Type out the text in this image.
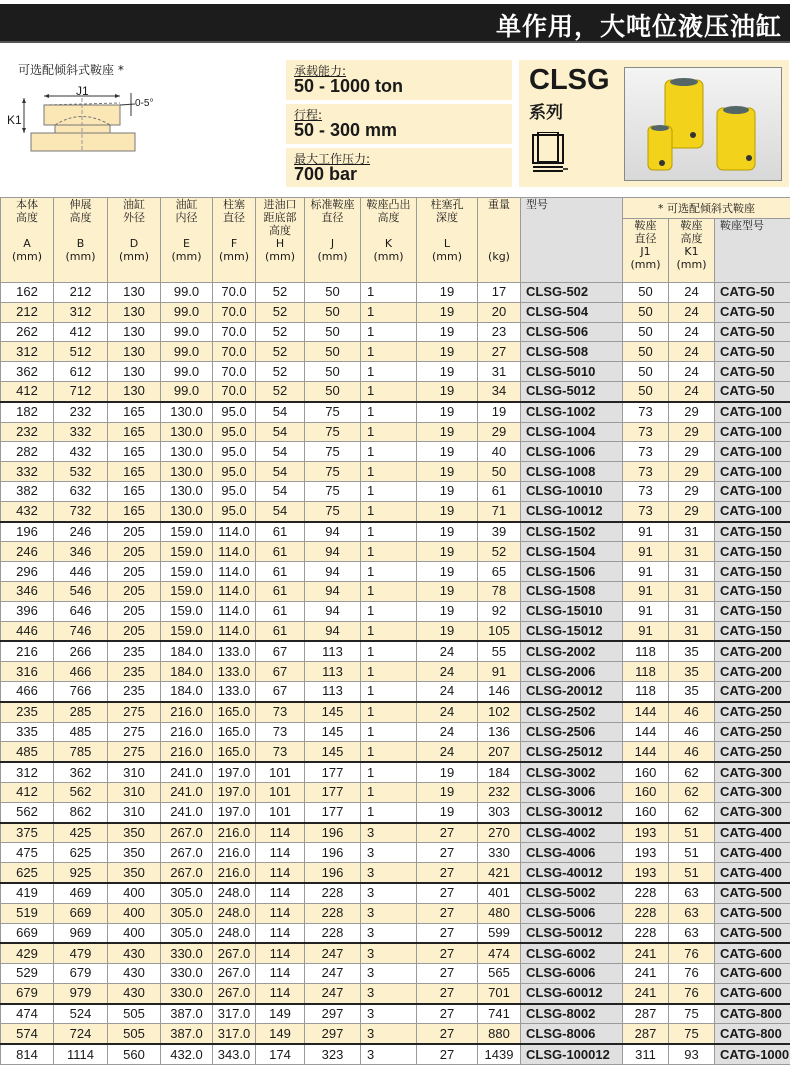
单作用，大吨位液压油缸
可选配倾斜式鞍座 *
J1
K1
0-5°
承载能力:
50 - 1000 ton
行程:
50 - 300 mm
最大工作压力:
700 bar
CLSG
系列
本体
高度

A
(mm)	伸展
高度

B
(mm)	油缸
外径

D
(mm)	油缸
内径

E
(mm)	柱塞
直径

F
(mm)	进油口
距底部
高度
H
(mm)	标准鞍座
直径

J
(mm)	鞍座凸出
高度

K
(mm)	柱塞孔
深度

L
(mm)	重量

(kg)	型号	* 可选配倾斜式鞍座		

											鞍座
直径
J1
(mm)	鞍座
高度
K1
(mm)	鞍座型号
162	212	130	99.0	70.0	52	50	1	19	17	CLSG-502	50	24	CATG-50
212	312	130	99.0	70.0	52	50	1	19	20	CLSG-504	50	24	CATG-50
262	412	130	99.0	70.0	52	50	1	19	23	CLSG-506	50	24	CATG-50
312	512	130	99.0	70.0	52	50	1	19	27	CLSG-508	50	24	CATG-50
362	612	130	99.0	70.0	52	50	1	19	31	CLSG-5010	50	24	CATG-50
412	712	130	99.0	70.0	52	50	1	19	34	CLSG-5012	50	24	CATG-50
182	232	165	130.0	95.0	54	75	1	19	19	CLSG-1002	73	29	CATG-100
232	332	165	130.0	95.0	54	75	1	19	29	CLSG-1004	73	29	CATG-100
282	432	165	130.0	95.0	54	75	1	19	40	CLSG-1006	73	29	CATG-100
332	532	165	130.0	95.0	54	75	1	19	50	CLSG-1008	73	29	CATG-100
382	632	165	130.0	95.0	54	75	1	19	61	CLSG-10010	73	29	CATG-100
432	732	165	130.0	95.0	54	75	1	19	71	CLSG-10012	73	29	CATG-100
196	246	205	159.0	114.0	61	94	1	19	39	CLSG-1502	91	31	CATG-150
246	346	205	159.0	114.0	61	94	1	19	52	CLSG-1504	91	31	CATG-150
296	446	205	159.0	114.0	61	94	1	19	65	CLSG-1506	91	31	CATG-150
346	546	205	159.0	114.0	61	94	1	19	78	CLSG-1508	91	31	CATG-150
396	646	205	159.0	114.0	61	94	1	19	92	CLSG-15010	91	31	CATG-150
446	746	205	159.0	114.0	61	94	1	19	105	CLSG-15012	91	31	CATG-150
216	266	235	184.0	133.0	67	113	1	24	55	CLSG-2002	118	35	CATG-200
316	466	235	184.0	133.0	67	113	1	24	91	CLSG-2006	118	35	CATG-200
466	766	235	184.0	133.0	67	113	1	24	146	CLSG-20012	118	35	CATG-200
235	285	275	216.0	165.0	73	145	1	24	102	CLSG-2502	144	46	CATG-250
335	485	275	216.0	165.0	73	145	1	24	136	CLSG-2506	144	46	CATG-250
485	785	275	216.0	165.0	73	145	1	24	207	CLSG-25012	144	46	CATG-250
312	362	310	241.0	197.0	101	177	1	19	184	CLSG-3002	160	62	CATG-300
412	562	310	241.0	197.0	101	177	1	19	232	CLSG-3006	160	62	CATG-300
562	862	310	241.0	197.0	101	177	1	19	303	CLSG-30012	160	62	CATG-300
375	425	350	267.0	216.0	114	196	3	27	270	CLSG-4002	193	51	CATG-400
475	625	350	267.0	216.0	114	196	3	27	330	CLSG-4006	193	51	CATG-400
625	925	350	267.0	216.0	114	196	3	27	421	CLSG-40012	193	51	CATG-400
419	469	400	305.0	248.0	114	228	3	27	401	CLSG-5002	228	63	CATG-500
519	669	400	305.0	248.0	114	228	3	27	480	CLSG-5006	228	63	CATG-500
669	969	400	305.0	248.0	114	228	3	27	599	CLSG-50012	228	63	CATG-500
429	479	430	330.0	267.0	114	247	3	27	474	CLSG-6002	241	76	CATG-600
529	679	430	330.0	267.0	114	247	3	27	565	CLSG-6006	241	76	CATG-600
679	979	430	330.0	267.0	114	247	3	27	701	CLSG-60012	241	76	CATG-600
474	524	505	387.0	317.0	149	297	3	27	741	CLSG-8002	287	75	CATG-800
574	724	505	387.0	317.0	149	297	3	27	880	CLSG-8006	287	75	CATG-800
814	1114	560	432.0	343.0	174	323	3	27	1439	CLSG-100012	311	93	CATG-1000
